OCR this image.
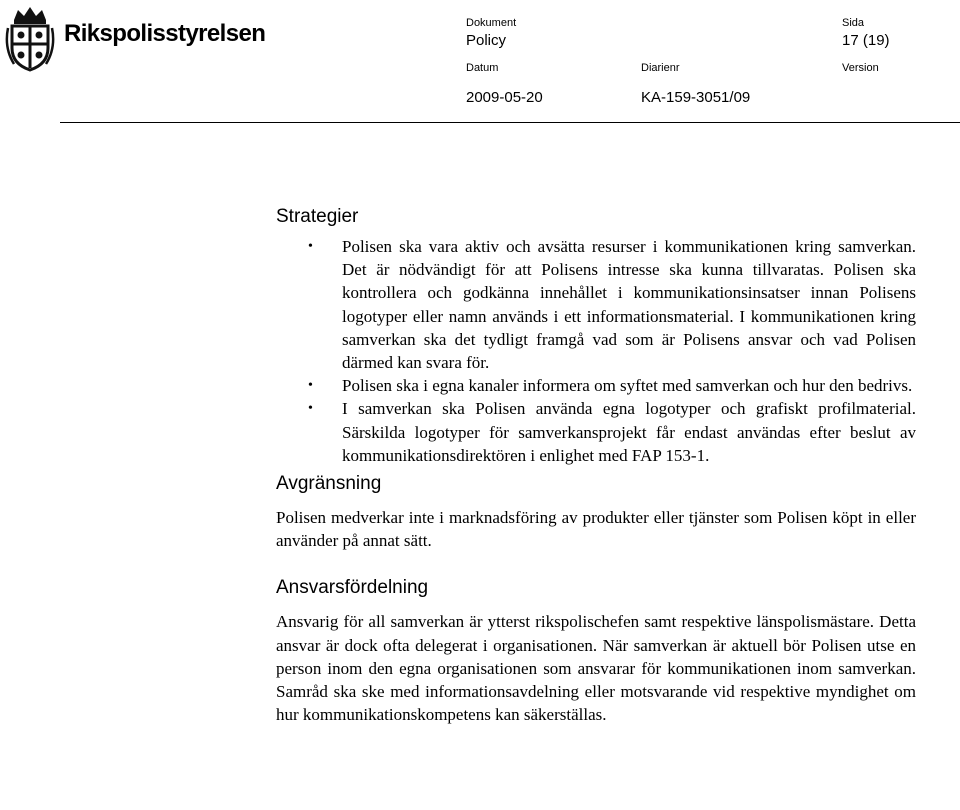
Rikspolisstyrelsen	Dokument
Policy
Sida
17 (19)
Datum
2009-05-20
Diarienr
KA-159-3051/09
Version
Strategier
• Polisen ska vara aktiv och avsätta resurser i kommunikationen kring samverkan. Det är nödvändigt för att Polisens intresse ska kunna tillvaratas. Polisen ska kontrollera och godkänna innehållet i kommunikationsinsatser innan Polisens logotyper eller namn används i ett informationsmaterial. I kommunikationen kring samverkan ska det tydligt framgå vad som är Polisens ansvar och vad Polisen därmed kan svara för.
• Polisen ska i egna kanaler informera om syftet med samverkan och hur den bedrivs.
• I samverkan ska Polisen använda egna logotyper och grafiskt profilmaterial. Särskilda logotyper för samverkansprojekt får endast användas efter beslut av kommunikationsdirektören i enlighet med FAP 153-1.
Avgränsning

Polisen medverkar inte i marknadsföring av produkter eller tjänster som Polisen köpt in eller använder på annat sätt.

Ansvarsfördelning

Ansvarig för all samverkan är ytterst rikspolischefen samt respektive länspolismästare. Detta ansvar är dock ofta delegerat i organisationen. När samverkan är aktuell bör Polisen utse en person inom den egna organisationen som ansvarar för kommunikationen inom samverkan. Samråd ska ske med informationsavdelning eller motsvarande vid respektive myndighet om hur kommunikationskompetens kan säkerställas.
